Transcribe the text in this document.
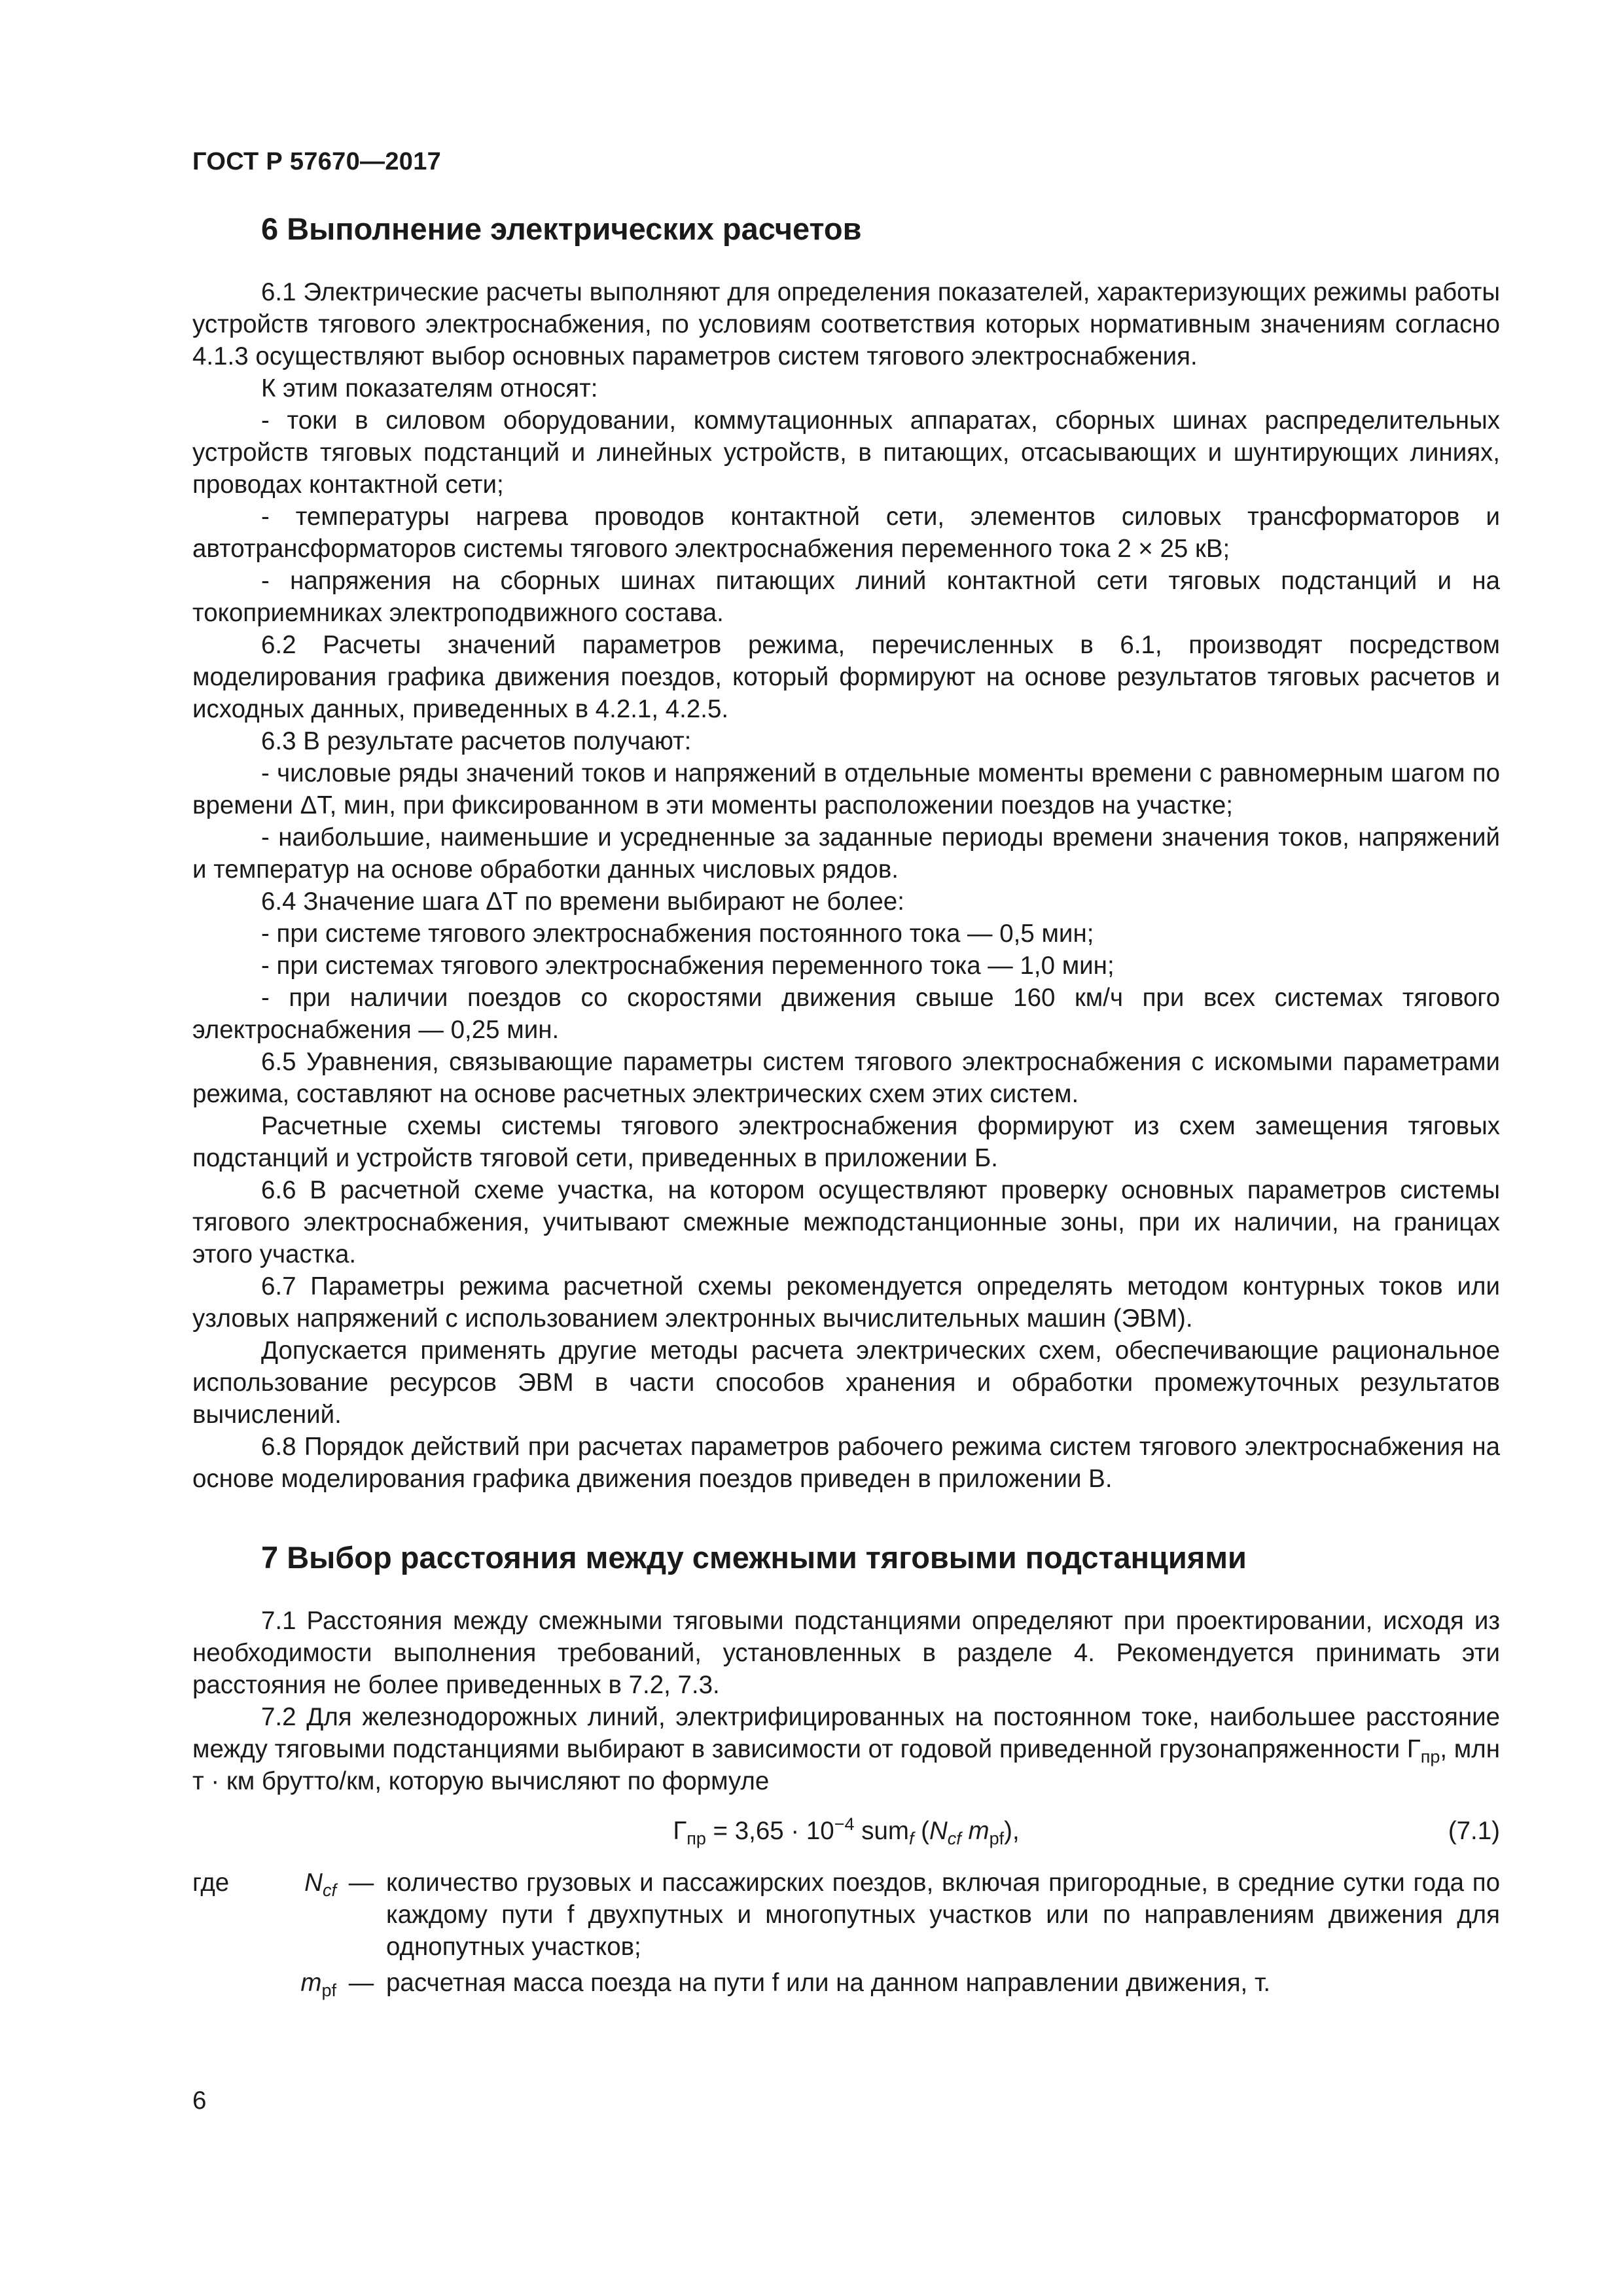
ГОСТ Р 57670—2017
6 Выполнение электрических расчетов

6.1 Электрические расчеты выполняют для определения показателей, характеризующих режимы работы устройств тягового электроснабжения, по условиям соответствия которых нормативным значениям согласно 4.1.3 осуществляют выбор основных параметров систем тягового электроснабжения.

К этим показателям относят:

- токи в силовом оборудовании, коммутационных аппаратах, сборных шинах распределительных устройств тяговых подстанций и линейных устройств, в питающих, отсасывающих и шунтирующих линиях, проводах контактной сети;

- температуры нагрева проводов контактной сети, элементов силовых трансформаторов и автотрансформаторов системы тягового электроснабжения переменного тока 2 × 25 кВ;

- напряжения на сборных шинах питающих линий контактной сети тяговых подстанций и на токоприемниках электроподвижного состава.

6.2 Расчеты значений параметров режима, перечисленных в 6.1, производят посредством моделирования графика движения поездов, который формируют на основе результатов тяговых расчетов и исходных данных, приведенных в 4.2.1, 4.2.5.

6.3 В результате расчетов получают:

- числовые ряды значений токов и напряжений в отдельные моменты времени с равномерным шагом по времени ΔT, мин, при фиксированном в эти моменты расположении поездов на участке;

- наибольшие, наименьшие и усредненные за заданные периоды времени значения токов, напряжений и температур на основе обработки данных числовых рядов.

6.4 Значение шага ΔT по времени выбирают не более:

- при системе тягового электроснабжения постоянного тока — 0,5 мин;

- при системах тягового электроснабжения переменного тока — 1,0 мин;

- при наличии поездов со скоростями движения свыше 160 км/ч при всех системах тягового электроснабжения — 0,25 мин.

6.5 Уравнения, связывающие параметры систем тягового электроснабжения с искомыми параметрами режима, составляют на основе расчетных электрических схем этих систем.

Расчетные схемы системы тягового электроснабжения формируют из схем замещения тяговых подстанций и устройств тяговой сети, приведенных в приложении Б.

6.6 В расчетной схеме участка, на котором осуществляют проверку основных параметров системы тягового электроснабжения, учитывают смежные межподстанционные зоны, при их наличии, на границах этого участка.

6.7 Параметры режима расчетной схемы рекомендуется определять методом контурных токов или узловых напряжений с использованием электронных вычислительных машин (ЭВМ).

Допускается применять другие методы расчета электрических схем, обеспечивающие рациональное использование ресурсов ЭВМ в части способов хранения и обработки промежуточных результатов вычислений.

6.8 Порядок действий при расчетах параметров рабочего режима систем тягового электроснабжения на основе моделирования графика движения поездов приведен в приложении В.

7 Выбор расстояния между смежными тяговыми подстанциями

7.1 Расстояния между смежными тяговыми подстанциями определяют при проектировании, исходя из необходимости выполнения требований, установленных в разделе 4. Рекомендуется принимать эти расстояния не более приведенных в 7.2, 7.3.

7.2 Для железнодорожных линий, электрифицированных на постоянном токе, наибольшее расстояние между тяговыми подстанциями выбирают в зависимости от годовой приведенной грузонапряженности $Г_{пр}$, млн т · км брутто/км, которую вычисляют по формуле

$Г_{пр} = 3,65 \cdot 10^{-4}$ sum$_f$ ($N_{cf}$ $m_{pf}$),	(7.1)
где	$N_{cf}$ — количество грузовых и пассажирских поездов, включая пригородные, в средние сутки года по каждому пути f двухпутных и многопутных участков или по направлениям движения для однопутных участков;
$m_{pf}$ — расчетная масса поезда на пути f или на данном направлении движения, т.
6
